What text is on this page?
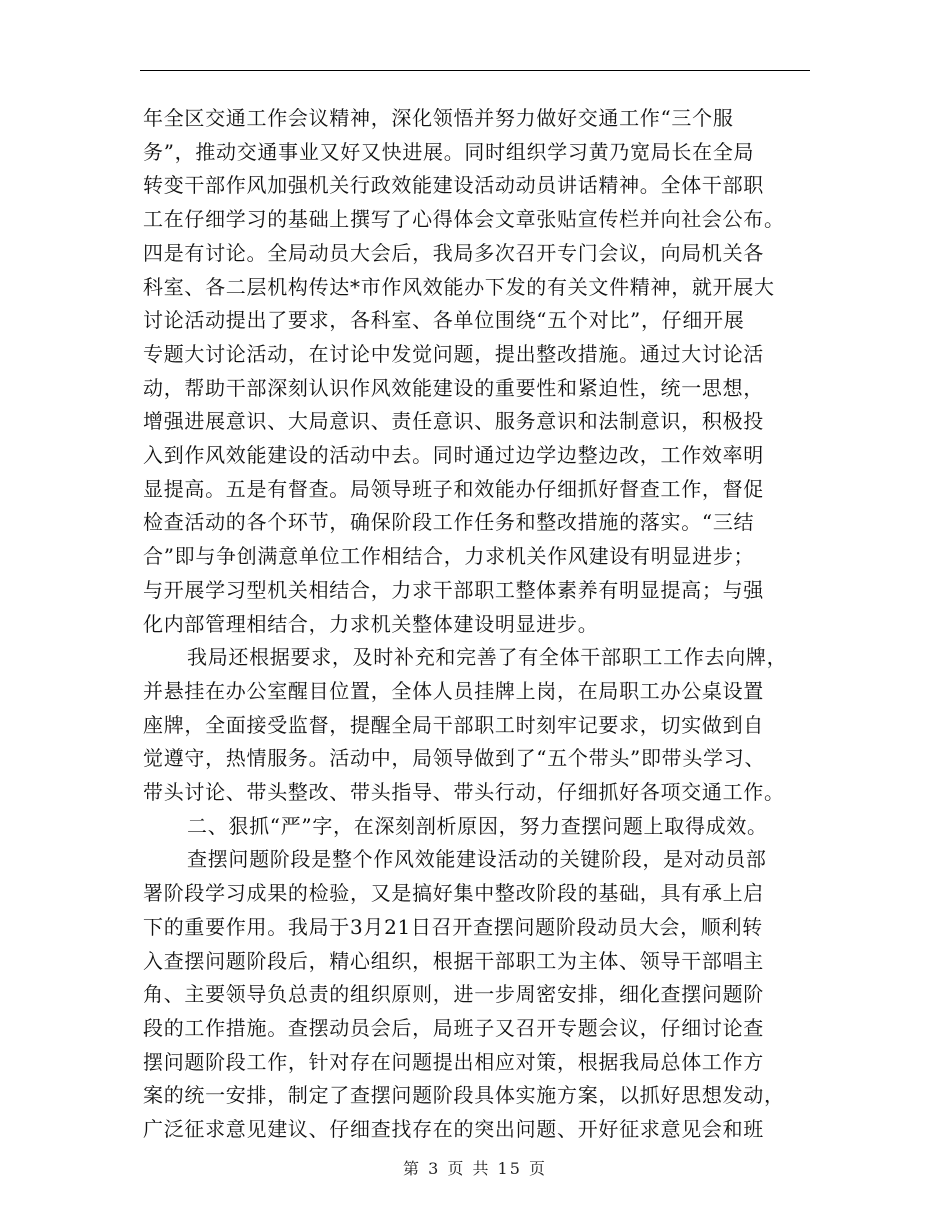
年全区交通工作会议精神，深化领悟并努力做好交通工作“三个服
务”，推动交通事业又好又快进展。同时组织学习黄乃宽局长在全局
转变干部作风加强机关行政效能建设活动动员讲话精神。全体干部职
工在仔细学习的基础上撰写了心得体会文章张贴宣传栏并向社会公布。
四是有讨论。全局动员大会后，我局多次召开专门会议，向局机关各
科室、各二层机构传达*市作风效能办下发的有关文件精神，就开展大
讨论活动提出了要求，各科室、各单位围绕“五个对比”，仔细开展
专题大讨论活动，在讨论中发觉问题，提出整改措施。通过大讨论活
动，帮助干部深刻认识作风效能建设的重要性和紧迫性，统一思想，
增强进展意识、大局意识、责任意识、服务意识和法制意识，积极投
入到作风效能建设的活动中去。同时通过边学边整边改，工作效率明
显提高。五是有督查。局领导班子和效能办仔细抓好督查工作，督促
检查活动的各个环节，确保阶段工作任务和整改措施的落实。“三结
合”即与争创满意单位工作相结合，力求机关作风建设有明显进步；
与开展学习型机关相结合，力求干部职工整体素养有明显提高；与强
化内部管理相结合，力求机关整体建设明显进步。
我局还根据要求，及时补充和完善了有全体干部职工工作去向牌，
并悬挂在办公室醒目位置，全体人员挂牌上岗，在局职工办公桌设置
座牌，全面接受监督，提醒全局干部职工时刻牢记要求，切实做到自
觉遵守，热情服务。活动中，局领导做到了“五个带头”即带头学习、
带头讨论、带头整改、带头指导、带头行动，仔细抓好各项交通工作。
二、狠抓“严”字，在深刻剖析原因，努力查摆问题上取得成效。
查摆问题阶段是整个作风效能建设活动的关键阶段，是对动员部
署阶段学习成果的检验，又是搞好集中整改阶段的基础，具有承上启
下的重要作用。我局于3月21日召开查摆问题阶段动员大会，顺利转
入查摆问题阶段后，精心组织，根据干部职工为主体、领导干部唱主
角、主要领导负总责的组织原则，进一步周密安排，细化查摆问题阶
段的工作措施。查摆动员会后，局班子又召开专题会议，仔细讨论查
摆问题阶段工作，针对存在问题提出相应对策，根据我局总体工作方
案的统一安排，制定了查摆问题阶段具体实施方案，以抓好思想发动，
广泛征求意见建议、仔细查找存在的突出问题、开好征求意见会和班
第 3 页 共 15 页
